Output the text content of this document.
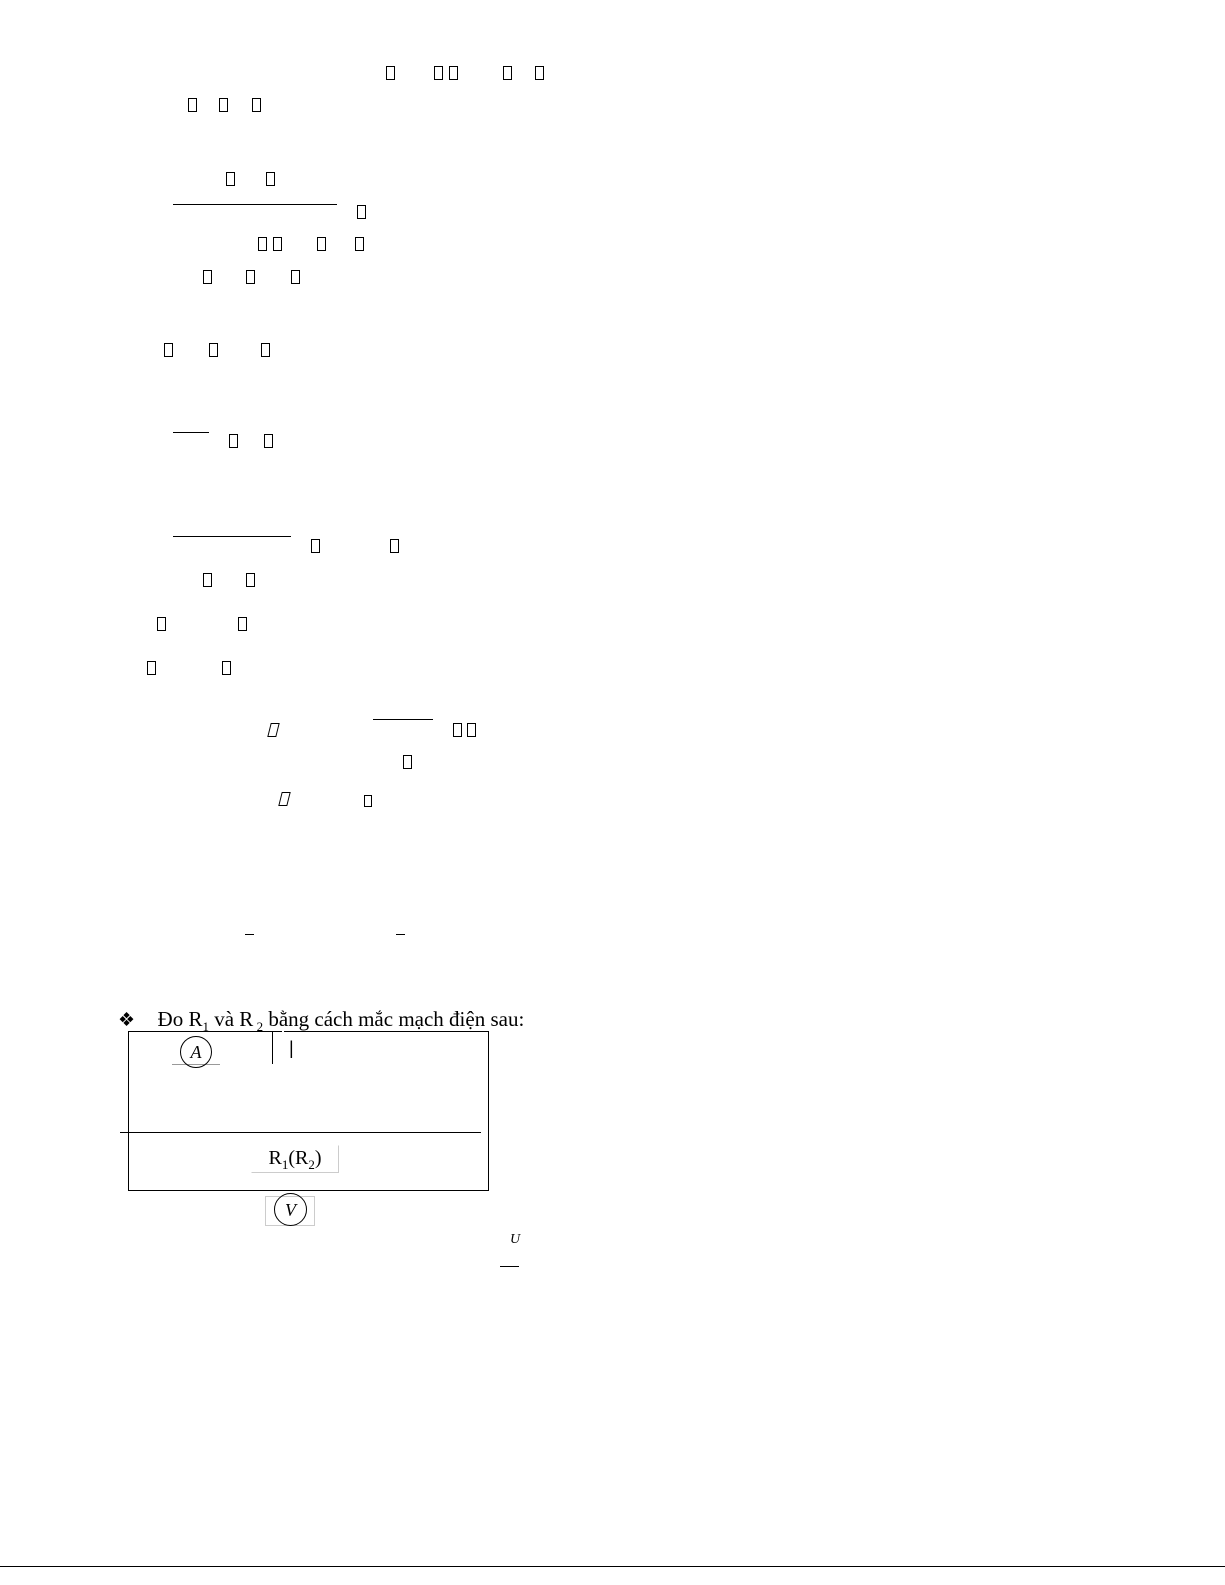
❖ Đo $R_1$ và R $_2$ bằng cách mắc mạch điện sau:
A	|
$R_1(R_2)$
V
U
